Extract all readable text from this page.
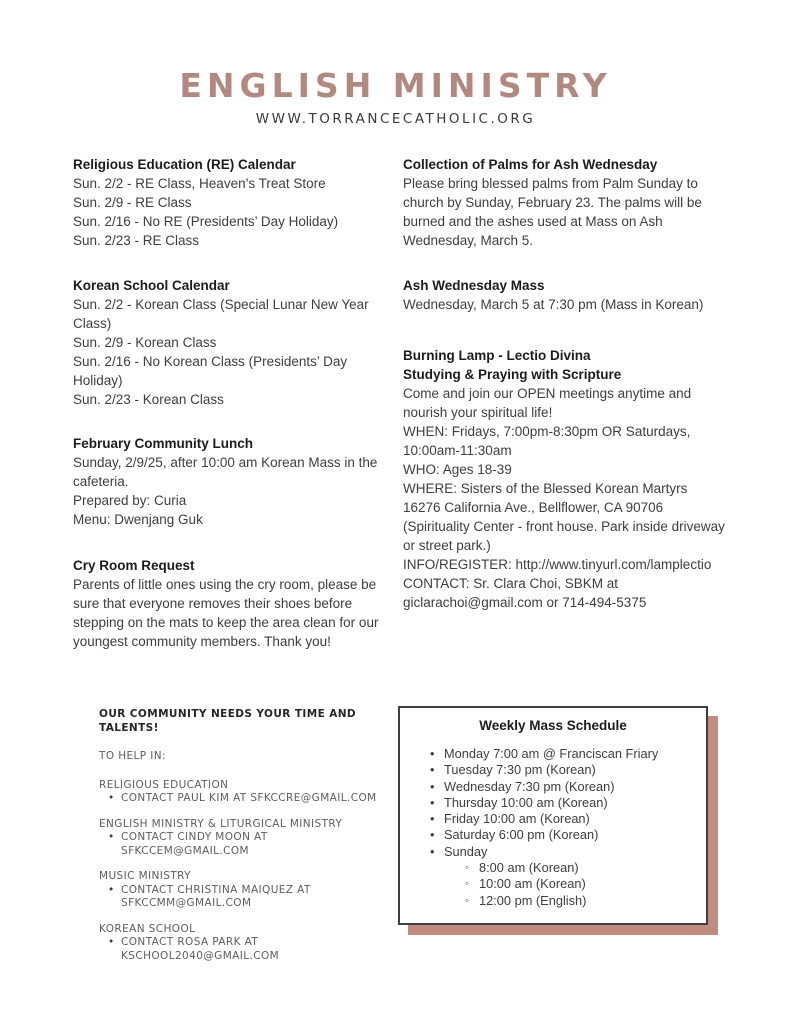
ENGLISH MINISTRY
WWW.TORRANCECATHOLIC.ORG
Religious Education (RE) Calendar
Sun. 2/2 - RE Class, Heaven’s Treat Store
Sun. 2/9 - RE Class
Sun. 2/16 - No RE (Presidents’ Day Holiday)
Sun. 2/23 - RE Class
Korean School Calendar
Sun. 2/2 - Korean Class (Special Lunar New Year Class)
Sun. 2/9 - Korean Class
Sun. 2/16 - No Korean Class (Presidents’ Day Holiday)
Sun. 2/23 - Korean Class
February Community Lunch
Sunday, 2/9/25, after 10:00 am Korean Mass in the cafeteria.
Prepared by: Curia
Menu: Dwenjang Guk
Cry Room Request
Parents of little ones using the cry room, please be sure that everyone removes their shoes before stepping on the mats to keep the area clean for our youngest community members. Thank you!
Collection of Palms for Ash Wednesday
Please bring blessed palms from Palm Sunday to church by Sunday, February 23. The palms will be burned and the ashes used at Mass on Ash Wednesday, March 5.
Ash Wednesday Mass
Wednesday, March 5 at 7:30 pm (Mass in Korean)
Burning Lamp - Lectio Divina
Studying & Praying with Scripture
Come and join our OPEN meetings anytime and nourish your spiritual life!
WHEN: Fridays, 7:00pm-8:30pm OR Saturdays, 10:00am-11:30am
WHO: Ages 18-39
WHERE: Sisters of the Blessed Korean Martyrs
16276 California Ave., Bellflower, CA 90706
(Spirituality Center - front house. Park inside driveway or street park.)
INFO/REGISTER: http://www.tinyurl.com/lamplectio
CONTACT: Sr. Clara Choi, SBKM at giclarachoi@gmail.com or 714-494-5375
OUR COMMUNITY NEEDS YOUR TIME AND TALENTS!
TO HELP IN:
RELIGIOUS EDUCATION
• CONTACT PAUL KIM AT SFKCCRE@GMAIL.COM
ENGLISH MINISTRY & LITURGICAL MINISTRY
• CONTACT CINDY MOON AT SFKCCEM@GMAIL.COM
MUSIC MINISTRY
• CONTACT CHRISTINA MAIQUEZ AT SFKCCMM@GMAIL.COM
KOREAN SCHOOL
• CONTACT ROSA PARK AT KSCHOOL2040@GMAIL.COM
Weekly Mass Schedule
• Monday 7:00 am @ Franciscan Friary
• Tuesday 7:30 pm (Korean)
• Wednesday 7:30 pm (Korean)
• Thursday 10:00 am (Korean)
• Friday 10:00 am (Korean)
• Saturday 6:00 pm (Korean)
• Sunday
◦ 8:00 am (Korean)
◦ 10:00 am (Korean)
◦ 12:00 pm (English)
